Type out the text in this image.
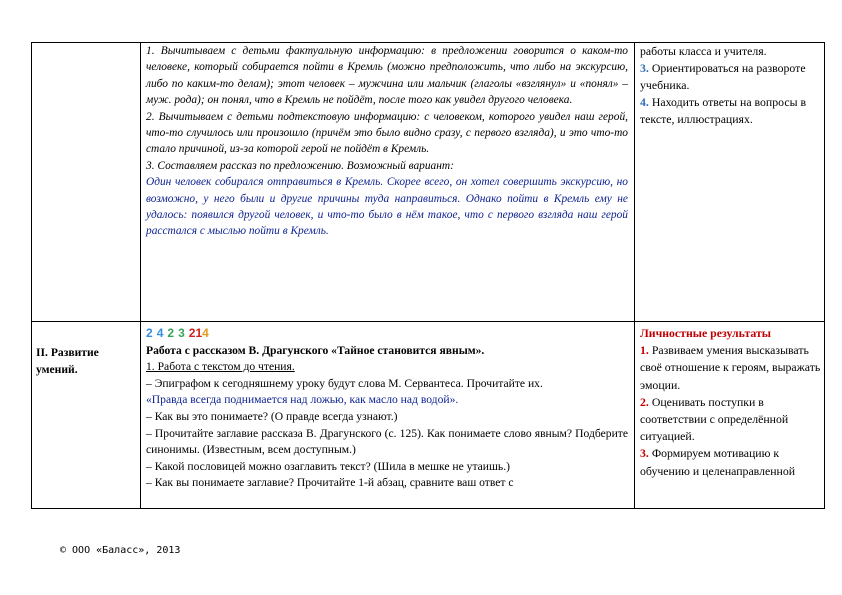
1. Вычитываем с детьми фактуальную информацию: в предложении говорится о каком-то человеке, который собирается пойти в Кремль (можно предположить, что либо на экскурсию, либо по каким-то делам); этот человек – мужчина или мальчик (глаголы «взглянул» и «понял» – муж. рода); он понял, что в Кремль не пойдёт, после того как увидел другого человека.

2. Вычитываем с детьми подтекстовую информацию: с человеком, которого увидел наш герой, что-то случилось или произошло (причём это было видно сразу, с первого взгляда), и это что-то стало причиной, из-за которой герой не пойдёт в Кремль.

3. Составляем рассказ по предложению. Возможный вариант:

Один человек собирался отправиться в Кремль. Скорее всего, он хотел совершить экскурсию, но возможно, у него были и другие причины туда направиться. Однако пойти в Кремль ему не удалось: появился другой человек, и что-то было в нём такое, что с первого взгляда наш герой расстался с мыслью пойти в Кремль.

работы класса и учителя.

3. Ориентироваться на развороте учебника.

4. Находить ответы на вопросы в тексте, иллюстрациях.

II. Развитие умений.

2 4 2 3 214

Работа с рассказом В. Драгунского «Тайное становится явным».

1. Работа с текстом до чтения.

– Эпиграфом к сегодняшнему уроку будут слова М. Сервантеса. Прочитайте их.

«Правда всегда поднимается над ложью, как масло над водой».

– Как вы это понимаете? (О правде всегда узнают.)

– Прочитайте заглавие рассказа В. Драгунского (с. 125). Как понимаете слово явным? Подберите синонимы. (Известным, всем доступным.)

– Какой пословицей можно озаглавить текст? (Шила в мешке не утаишь.)

– Как вы понимаете заглавие? Прочитайте 1-й абзац, сравните ваш ответ с

Личностные результаты

1. Развиваем умения высказывать своё отношение к героям, выражать эмоции.

2. Оценивать поступки в соответствии с определённой ситуацией.

3. Формируем мотивацию к обучению и целенаправленной

© ООО «Баласс», 2013
